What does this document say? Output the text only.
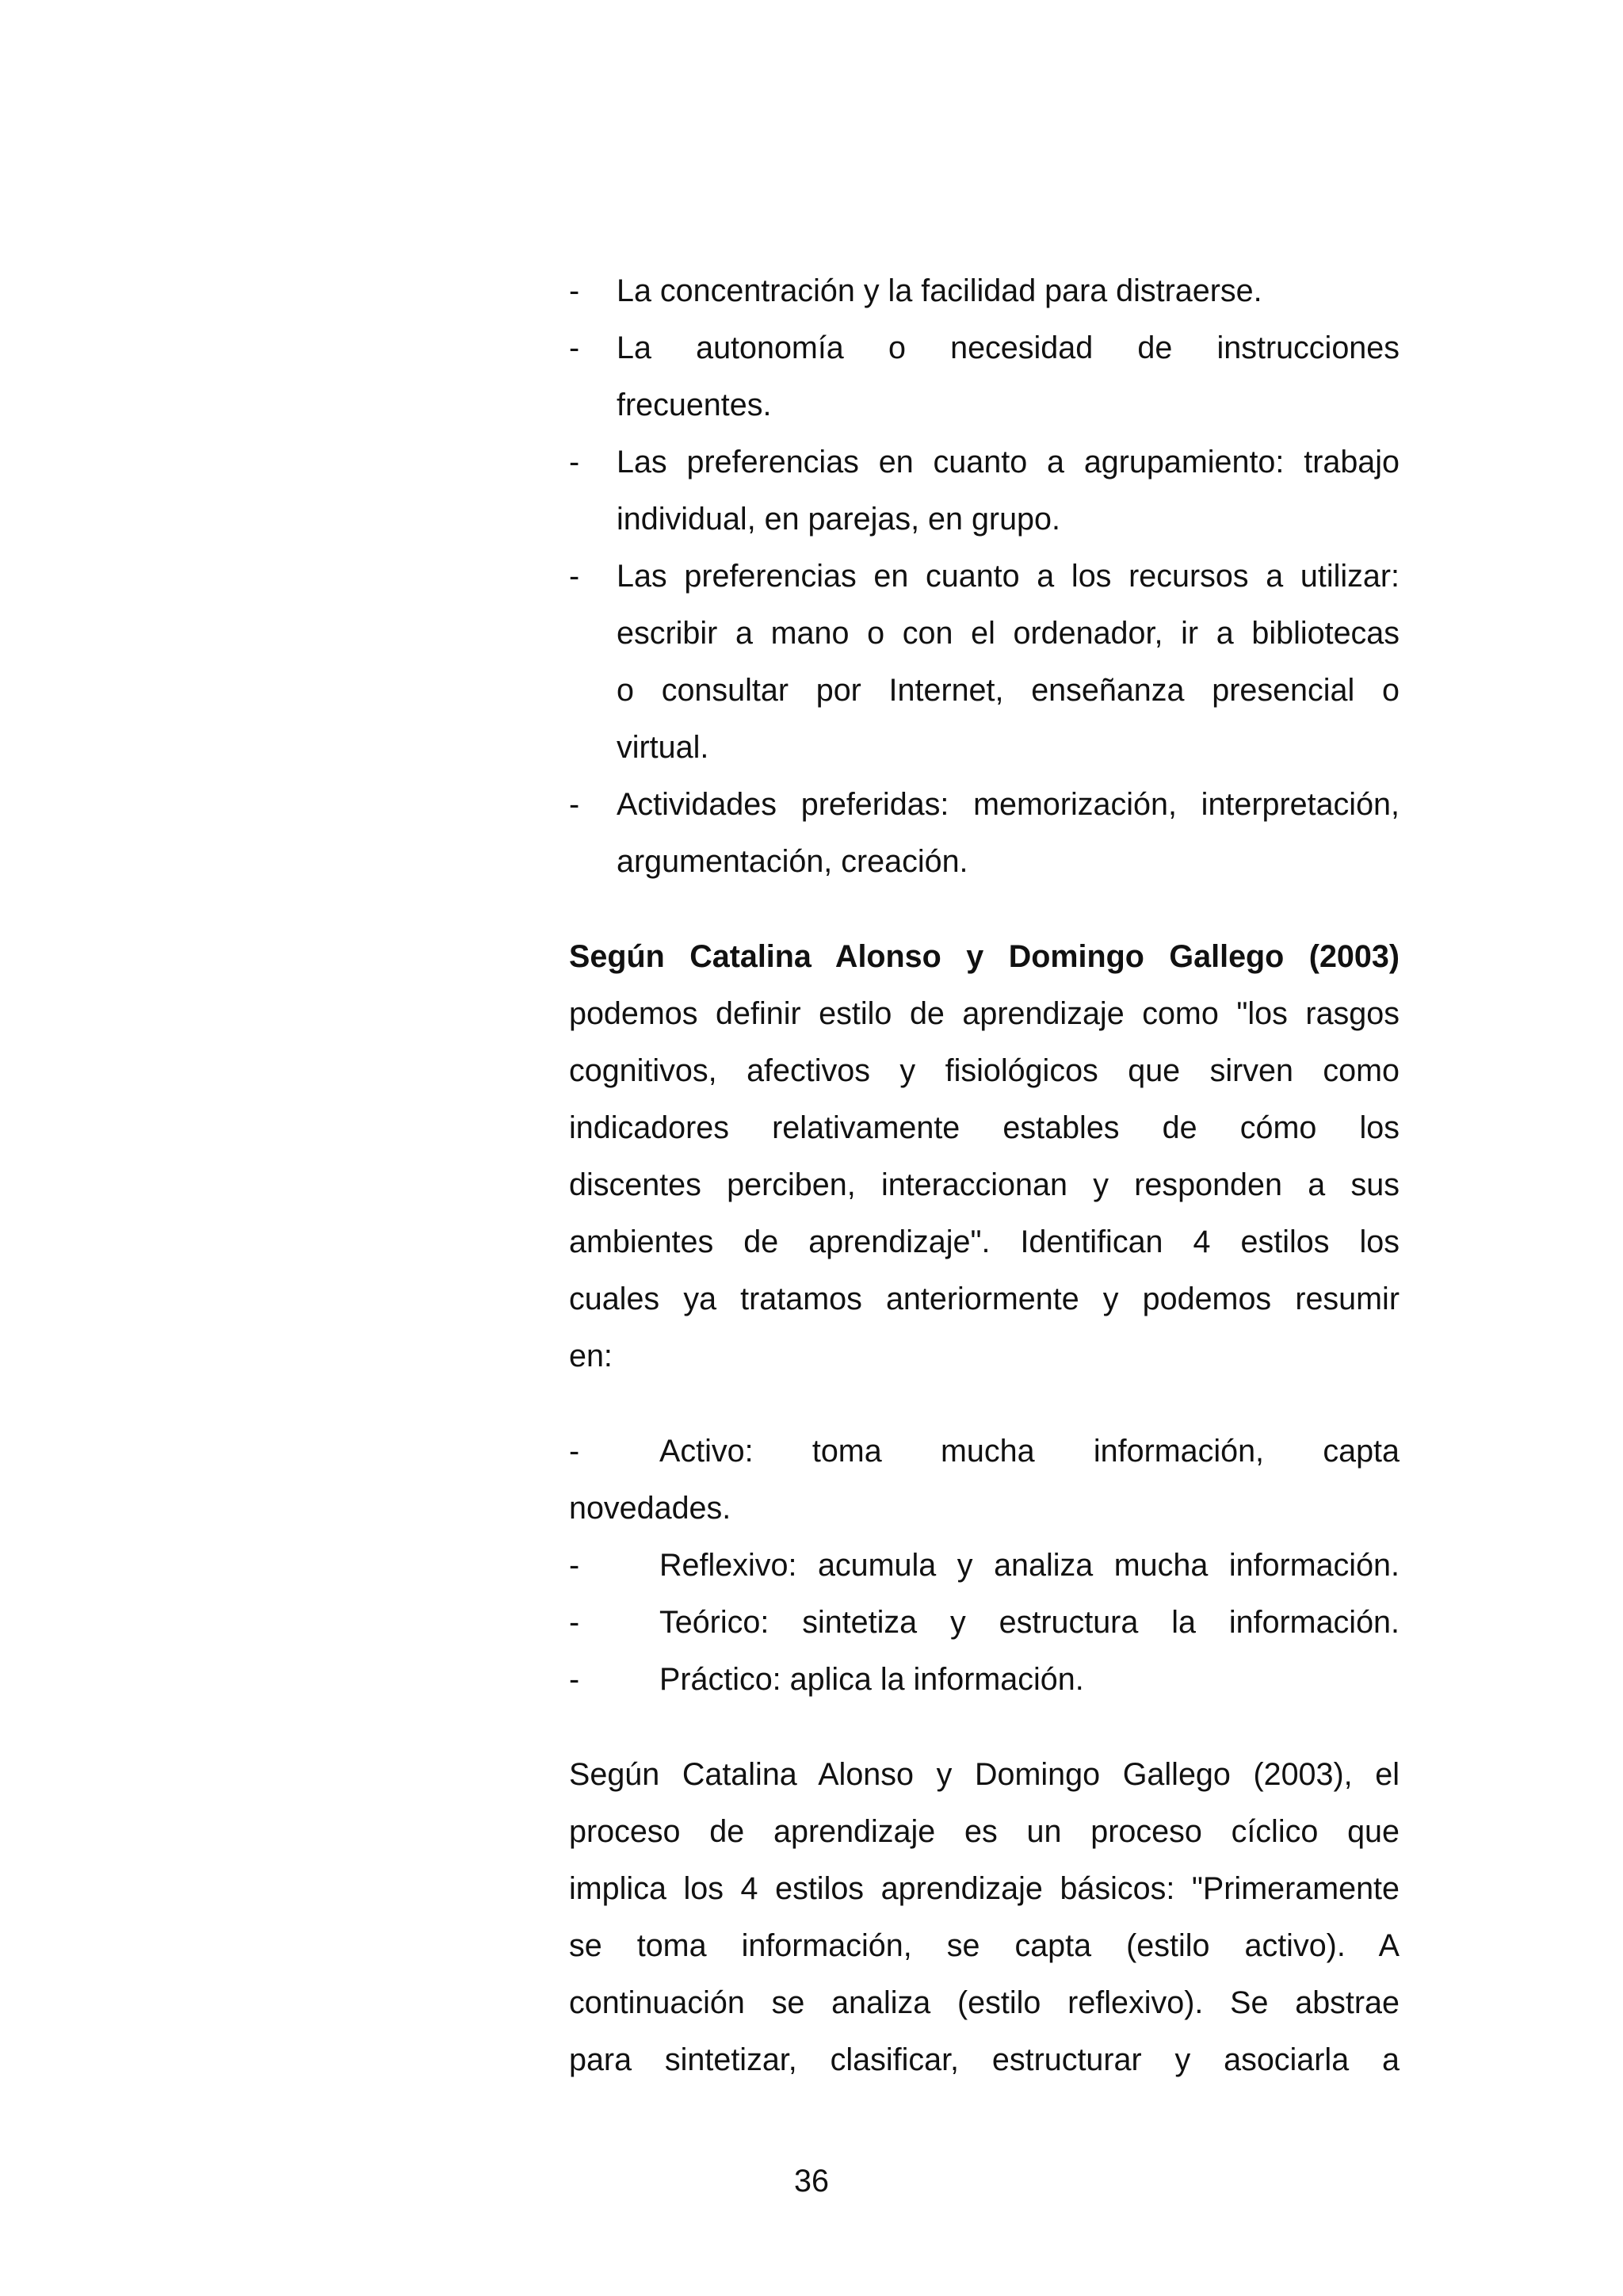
- La concentración y la facilidad para distraerse.
- La autonomía o necesidad de instrucciones
frecuentes.
- Las preferencias en cuanto a agrupamiento: trabajo
individual, en parejas, en grupo.
- Las preferencias en cuanto a los recursos a utilizar:
escribir a mano o con el ordenador, ir a bibliotecas
o consultar por Internet, enseñanza presencial o
virtual.
- Actividades preferidas: memorización, interpretación,
argumentación, creación.
Según Catalina Alonso y Domingo Gallego (2003)
podemos definir estilo de aprendizaje como "los rasgos
cognitivos, afectivos y fisiológicos que sirven como
indicadores relativamente estables de cómo los
discentes perciben, interaccionan y responden a sus
ambientes de aprendizaje". Identifican 4 estilos los
cuales ya tratamos anteriormente y podemos resumir
en:
-	Activo: toma mucha información, capta
novedades.
-	Reflexivo: acumula y analiza mucha información.
-	Teórico: sintetiza y estructura la información.
-	Práctico: aplica la información.
Según Catalina Alonso y Domingo Gallego (2003), el
proceso de aprendizaje es un proceso cíclico que
implica los 4 estilos aprendizaje básicos: "Primeramente
se toma información, se capta (estilo activo). A
continuación se analiza (estilo reflexivo). Se abstrae
para sintetizar, clasificar, estructurar y asociarla a
36
